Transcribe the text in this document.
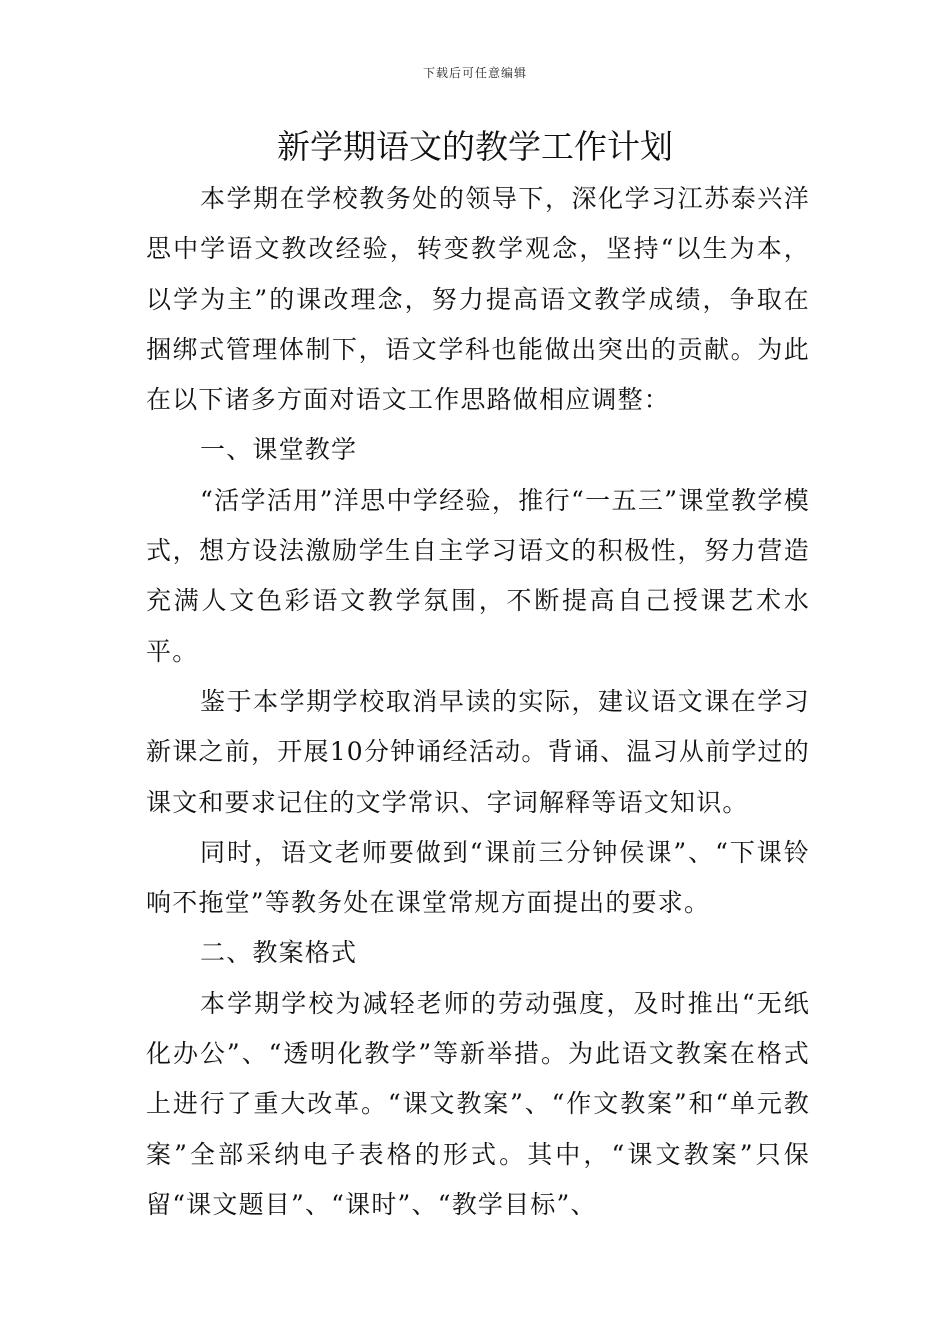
下载后可任意编辑
新学期语文的教学工作计划

本学期在学校教务处的领导下，深化学习江苏泰兴洋思中学语文教改经验，转变教学观念，坚持“以生为本，以学为主”的课改理念，努力提高语文教学成绩，争取在捆绑式管理体制下，语文学科也能做出突出的贡献。为此在以下诸多方面对语文工作思路做相应调整：

一、课堂教学

“活学活用”洋思中学经验，推行“一五三”课堂教学模式，想方设法激励学生自主学习语文的积极性，努力营造充满人文色彩语文教学氛围，不断提高自己授课艺术水平。

鉴于本学期学校取消早读的实际，建议语文课在学习新课之前，开展10分钟诵经活动。背诵、温习从前学过的课文和要求记住的文学常识、字词解释等语文知识。

同时，语文老师要做到“课前三分钟侯课”、“下课铃响不拖堂”等教务处在课堂常规方面提出的要求。

二、教案格式

本学期学校为减轻老师的劳动强度，及时推出“无纸化办公”、“透明化教学”等新举措。为此语文教案在格式上进行了重大改革。“课文教案”、“作文教案”和“单元教案”全部采纳电子表格的形式。其中，“课文教案”只保留“课文题目”、“课时”、“教学目标”、
